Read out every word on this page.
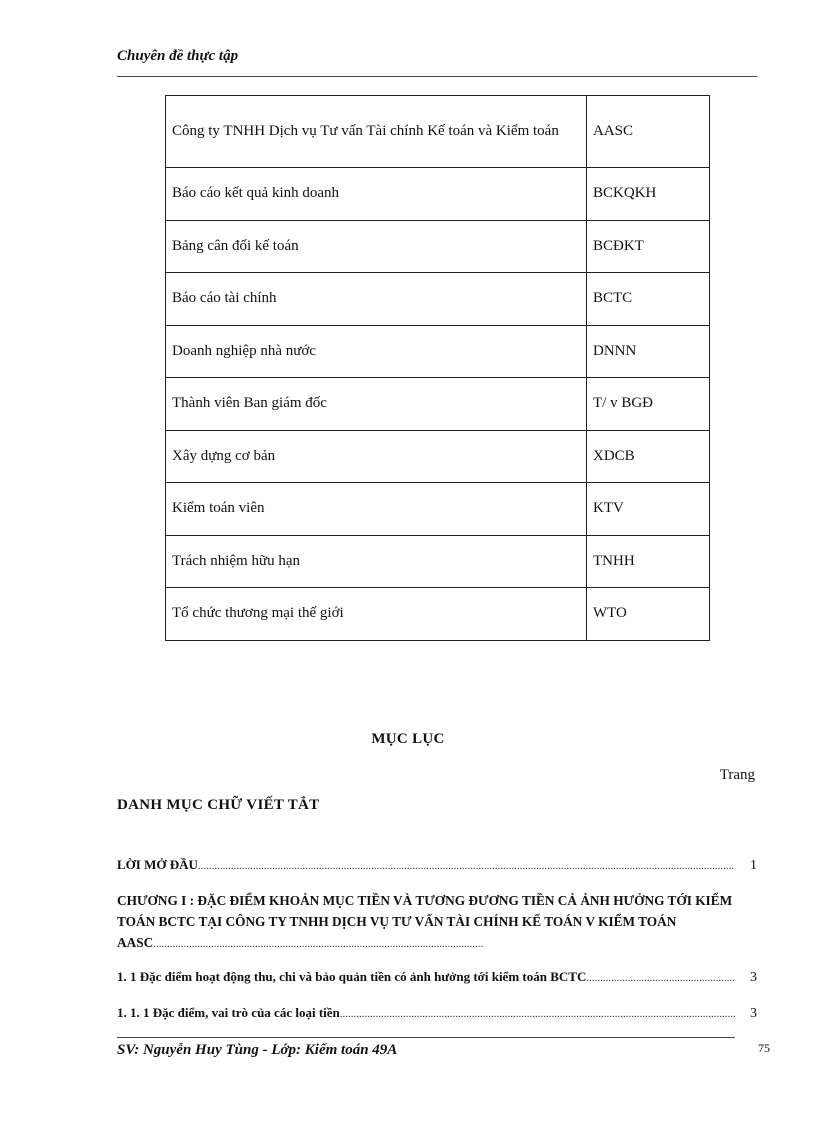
Chuyên đề thực tập
Công ty TNHH Dịch vụ Tư vấn Tài chính Kế toán và Kiểm toán	AASC
Báo cáo kết quả kinh doanh	BCKQKH
Bảng cân đối kế toán	BCĐKT
Báo cáo tài chính	BCTC
Doanh nghiệp nhà nước	DNNN
Thành viên Ban giám đốc	T/ v BGĐ
Xây dựng cơ bản	XDCB
Kiểm toán viên	KTV
Trách nhiệm hữu hạn	TNHH
Tổ chức thương mại thế giới	WTO
MỤC LỤC
Trang
DANH MỤC CHỮ VIẾT TẮT
LỜI MỞ ĐẦU .....	1
CHƯƠNG I : ĐẶC ĐIỂM KHOẢN MỤC TIỀN VÀ TƯƠNG ĐƯƠNG TIỀN CẢ ẢNH HƯỞNG TỚI KIỂM TOÁN BCTC TẠI CÔNG TY TNHH DỊCH VỤ TƯ VẤN TÀI CHÍNH KẾ TOÁN V KIỂM TOÁN AASC........................................................................................................................
1. 1 Đặc điểm hoạt động thu, chi và bảo quản tiền có ảnh hưởng tới kiểm toán BCTC .....	3
1. 1. 1 Đặc điểm, vai trò của các loại tiền .....	3
SV: Nguyễn Huy Tùng - Lớp: Kiểm toán 49A	75
